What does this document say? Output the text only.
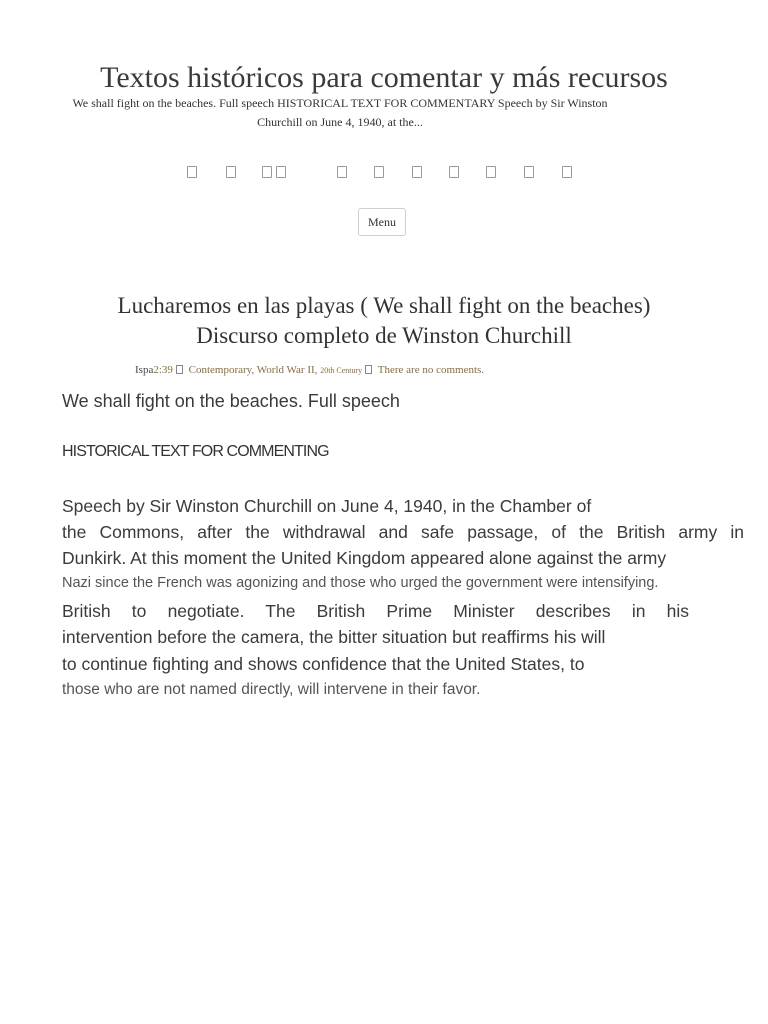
Textos históricos para comentar y más recursos
We shall fight on the beaches. Full speech HISTORICAL TEXT FOR COMMENTARY Speech by Sir Winston Churchill on June 4, 1940, at the...
Menu
Lucharemos en las playas ( We shall fight on the beaches)
Discurso completo de Winston Churchill
Ispa2:39 Contemporary, World War II, 20th Century There are no comments.
We shall fight on the beaches. Full speech
HISTORICAL TEXT FOR COMMENTING
Speech by Sir Winston Churchill on June 4, 1940, in the Chamber of
the Commons, after the withdrawal and safe passage, of the British army in
Dunkirk. At this moment the United Kingdom appeared alone against the army
Nazi since the French was agonizing and those who urged the government were intensifying.
British to negotiate. The British Prime Minister describes in his
intervention before the camera, the bitter situation but reaffirms his will
to continue fighting and shows confidence that the United States, to
those who are not named directly, will intervene in their favor.
